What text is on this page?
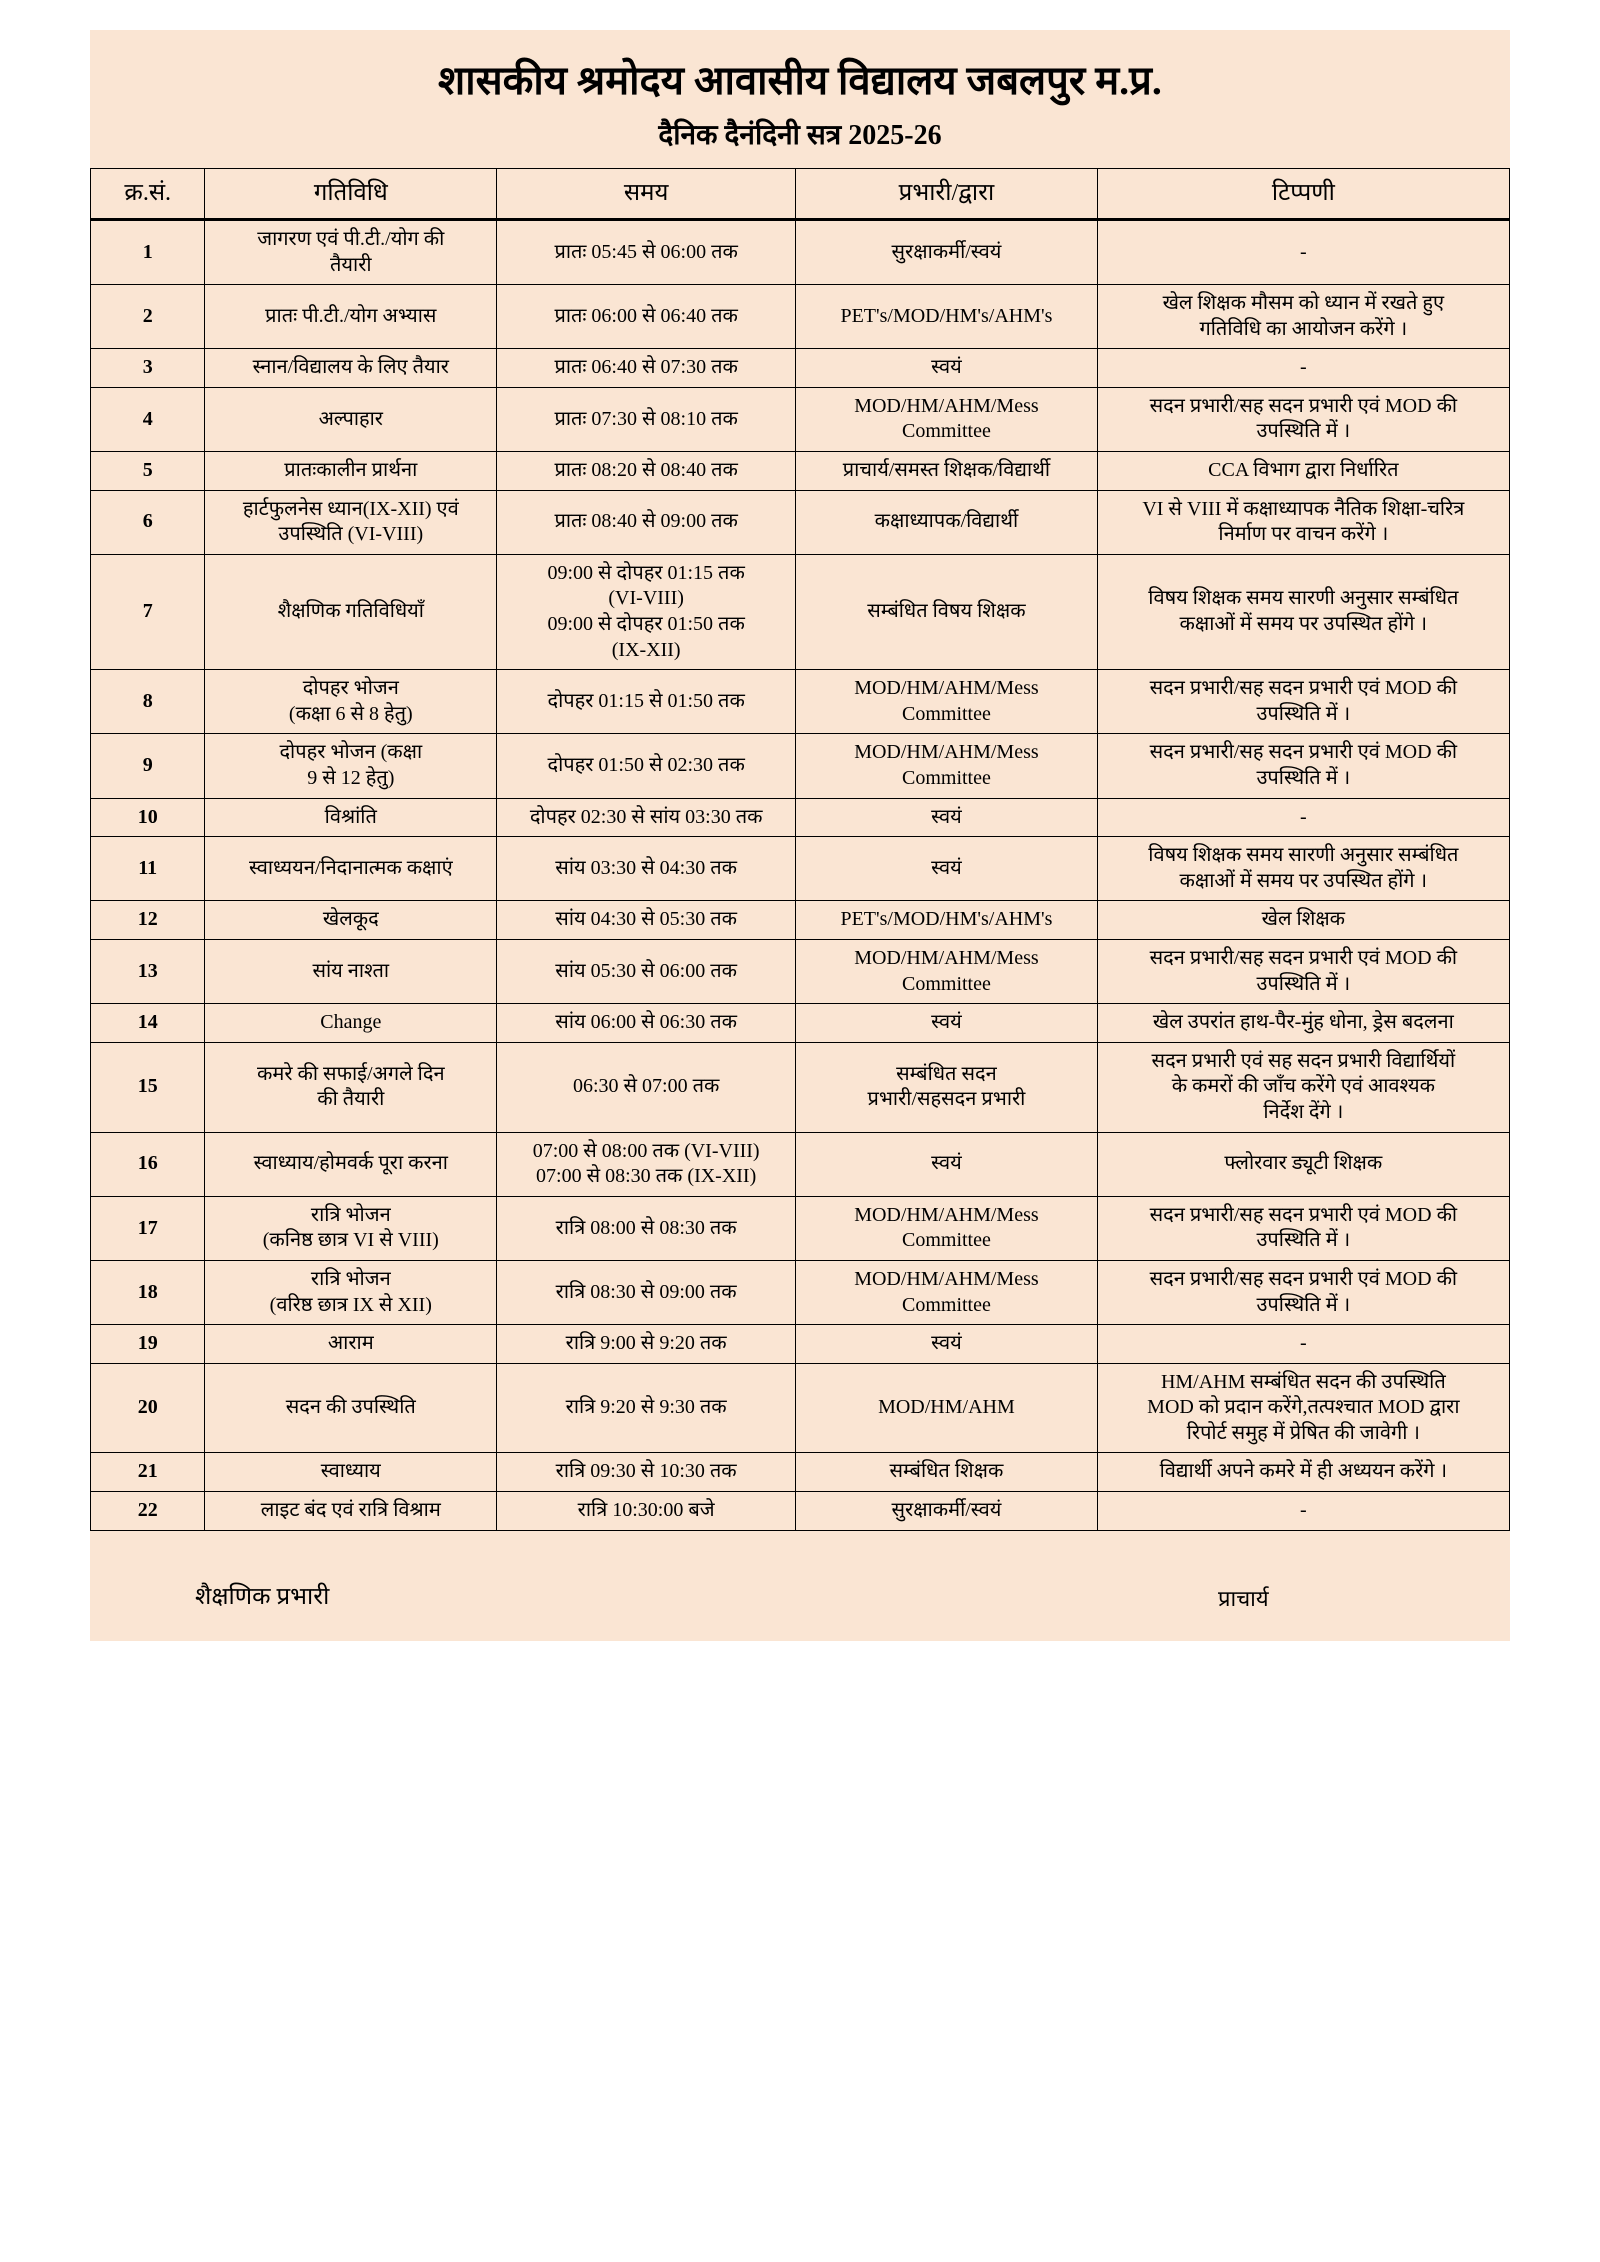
शासकीय श्रमोदय आवासीय विद्यालय जबलपुर म.प्र.
दैनिक दैनंदिनी सत्र 2025-26
क्र.सं.	गतिविधि	समय	प्रभारी/द्वारा	टिप्पणी
1	जागरण एवं पी.टी./योग की
तैयारी	प्रातः 05:45 से 06:00 तक	सुरक्षाकर्मी/स्वयं	-

2	प्रातः पी.टी./योग अभ्यास	प्रातः 06:00 से 06:40 तक	PET's/MOD/HM's/AHM's	खेल शिक्षक मौसम को ध्यान में रखते हुए
गतिविधि का आयोजन करेंगे ।

3	स्नान/विद्यालय के लिए तैयार	प्रातः 06:40 से 07:30 तक	स्वयं	-

4	अल्पाहार	प्रातः 07:30 से 08:10 तक	MOD/HM/AHM/Mess
Committee	सदन प्रभारी/सह सदन प्रभारी एवं MOD की
उपस्थिति में ।

5	प्रातःकालीन प्रार्थना	प्रातः 08:20 से 08:40 तक	प्राचार्य/समस्त शिक्षक/विद्यार्थी	CCA विभाग द्वारा निर्धारित

6	हार्टफुलनेस ध्यान(IX-XII) एवं
उपस्थिति (VI-VIII)	प्रातः 08:40 से 09:00 तक	कक्षाध्यापक/विद्यार्थी	VI से VIII में कक्षाध्यापक नैतिक शिक्षा-चरित्र
निर्माण पर वाचन करेंगे ।

7	शैक्षणिक गतिविधियाँ	09:00 से दोपहर 01:15 तक
(VI-VIII)
09:00 से दोपहर 01:50 तक
(IX-XII)	सम्बंधित विषय शिक्षक	विषय शिक्षक समय सारणी अनुसार सम्बंधित
कक्षाओं में समय पर उपस्थित होंगे ।

8	दोपहर भोजन
(कक्षा 6 से 8 हेतु)	दोपहर 01:15 से 01:50 तक	MOD/HM/AHM/Mess
Committee	सदन प्रभारी/सह सदन प्रभारी एवं MOD की
उपस्थिति में ।

9	दोपहर भोजन (कक्षा
9 से 12 हेतु)	दोपहर 01:50 से 02:30 तक	MOD/HM/AHM/Mess
Committee	सदन प्रभारी/सह सदन प्रभारी एवं MOD की
उपस्थिति में ।

10	विश्रांति	दोपहर 02:30 से सांय 03:30 तक	स्वयं	-

11	स्वाध्ययन/निदानात्मक कक्षाएं	सांय 03:30 से 04:30 तक	स्वयं	विषय शिक्षक समय सारणी अनुसार सम्बंधित
कक्षाओं में समय पर उपस्थित होंगे ।

12	खेलकूद	सांय 04:30 से 05:30 तक	PET's/MOD/HM's/AHM's	खेल शिक्षक

13	सांय नाश्ता	सांय 05:30 से 06:00 तक	MOD/HM/AHM/Mess
Committee	सदन प्रभारी/सह सदन प्रभारी एवं MOD की
उपस्थिति में ।

14	Change	सांय 06:00 से 06:30 तक	स्वयं	खेल उपरांत हाथ-पैर-मुंह धोना, ड्रेस बदलना

15	कमरे की सफाई/अगले दिन
की तैयारी	06:30 से 07:00 तक	सम्बंधित सदन
प्रभारी/सहसदन प्रभारी	सदन प्रभारी एवं सह सदन प्रभारी विद्यार्थियों
के कमरों की जाँच करेंगे एवं आवश्यक
निर्देश देंगे ।

16	स्वाध्याय/होमवर्क पूरा करना	07:00 से 08:00 तक (VI-VIII)
07:00 से 08:30 तक (IX-XII)	स्वयं	फ्लोरवार ड्यूटी शिक्षक

17	रात्रि भोजन
(कनिष्ठ छात्र VI से VIII)	रात्रि 08:00 से 08:30 तक	MOD/HM/AHM/Mess
Committee	सदन प्रभारी/सह सदन प्रभारी एवं MOD की
उपस्थिति में ।

18	रात्रि भोजन
(वरिष्ठ छात्र IX से XII)	रात्रि 08:30 से 09:00 तक	MOD/HM/AHM/Mess
Committee	सदन प्रभारी/सह सदन प्रभारी एवं MOD की
उपस्थिति में ।

19	आराम	रात्रि 9:00 से 9:20 तक	स्वयं	-

20	सदन की उपस्थिति	रात्रि 9:20 से 9:30 तक	MOD/HM/AHM	HM/AHM सम्बंधित सदन की उपस्थिति
MOD को प्रदान करेंगे,तत्पश्चात MOD द्वारा
रिपोर्ट समुह में प्रेषित की जावेगी ।

21	स्वाध्याय	रात्रि 09:30 से 10:30 तक	सम्बंधित शिक्षक	विद्यार्थी अपने कमरे में ही अध्ययन करेंगे ।

22	लाइट बंद एवं रात्रि विश्राम	रात्रि 10:30:00 बजे	सुरक्षाकर्मी/स्वयं	-
शैक्षणिक प्रभारी	प्राचार्य
